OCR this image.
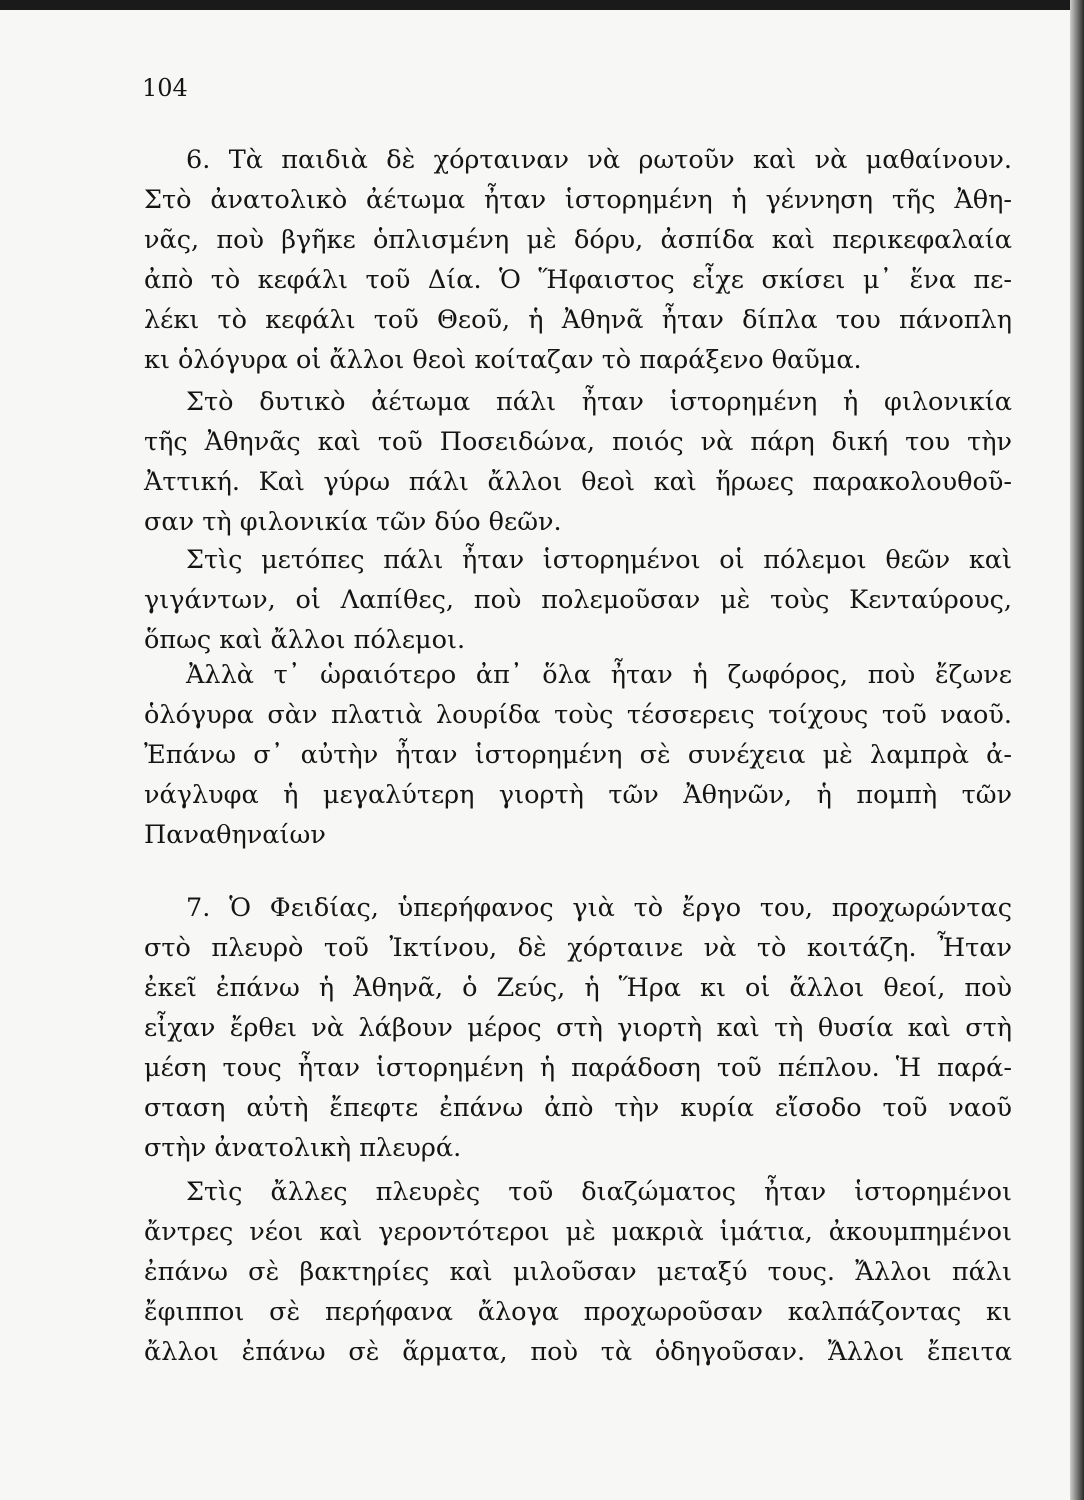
104
6. Τὰ παιδιὰ δὲ χόρταιναν νὰ ρωτοῦν καὶ νὰ μαθαίνουν.
Στὸ ἀνατολικὸ ἀέτωμα ἦταν ἱστορημένη ἡ γέννηση τῆς Ἀθη-
νᾶς, ποὺ βγῆκε ὁπλισμένη μὲ δόρυ, ἀσπίδα καὶ περικεφαλαία
ἀπὸ τὸ κεφάλι τοῦ Δία. Ὁ Ἥφαιστος εἶχε σκίσει μ᾿ ἕνα πε-
λέκι τὸ κεφάλι τοῦ Θεοῦ, ἡ Ἀθηνᾶ ἦταν δίπλα του πάνοπλη
κι ὁλόγυρα οἱ ἄλλοι θεοὶ κοίταζαν τὸ παράξενο θαῦμα.
Στὸ δυτικὸ ἀέτωμα πάλι ἦταν ἱστορημένη ἡ φιλονικία
τῆς Ἀθηνᾶς καὶ τοῦ Ποσειδώνα, ποιός νὰ πάρη δική του τὴν
Ἀττική. Καὶ γύρω πάλι ἄλλοι θεοὶ καὶ ἥρωες παρακολουθοῦ-
σαν τὴ φιλονικία τῶν δύο θεῶν.
Στὶς μετόπες πάλι ἦταν ἱστορημένοι οἱ πόλεμοι θεῶν καὶ
γιγάντων, οἱ Λαπίθες, ποὺ πολεμοῦσαν μὲ τοὺς Κενταύρους,
ὅπως καὶ ἄλλοι πόλεμοι.
Ἀλλὰ τ᾿ ὡραιότερο ἀπ᾿ ὅλα ἦταν ἡ ζωφόρος, ποὺ ἔζωνε
ὁλόγυρα σὰν πλατιὰ λουρίδα τοὺς τέσσερεις τοίχους τοῦ ναοῦ.
Ἐπάνω σ᾿ αὐτὴν ἦταν ἱστορημένη σὲ συνέχεια μὲ λαμπρὰ ἀ-
νάγλυφα ἡ μεγαλύτερη γιορτὴ τῶν Ἀθηνῶν, ἡ πομπὴ τῶν
Παναθηναίων
7. Ὁ Φειδίας, ὑπερήφανος γιὰ τὸ ἔργο του, προχωρώντας
στὸ πλευρὸ τοῦ Ἰκτίνου, δὲ χόρταινε νὰ τὸ κοιτάζη. Ἦταν
ἐκεῖ ἐπάνω ἡ Ἀθηνᾶ, ὁ Ζεύς, ἡ Ἥρα κι οἱ ἄλλοι θεοί, ποὺ
εἶχαν ἔρθει νὰ λάβουν μέρος στὴ γιορτὴ καὶ τὴ θυσία καὶ στὴ
μέση τους ἦταν ἱστορημένη ἡ παράδοση τοῦ πέπλου. Ἡ παρά-
σταση αὐτὴ ἔπεφτε ἐπάνω ἀπὸ τὴν κυρία εἴσοδο τοῦ ναοῦ
στὴν ἀνατολικὴ πλευρά.
Στὶς ἄλλες πλευρὲς τοῦ διαζώματος ἦταν ἱστορημένοι
ἄντρες νέοι καὶ γεροντότεροι μὲ μακριὰ ἱμάτια, ἀκουμπημένοι
ἐπάνω σὲ βακτηρίες καὶ μιλοῦσαν μεταξύ τους. Ἄλλοι πάλι
ἔφιπποι σὲ περήφανα ἄλογα προχωροῦσαν καλπάζοντας κι
ἄλλοι ἐπάνω σὲ ἅρματα, ποὺ τὰ ὁδηγοῦσαν. Ἄλλοι ἔπειτα
